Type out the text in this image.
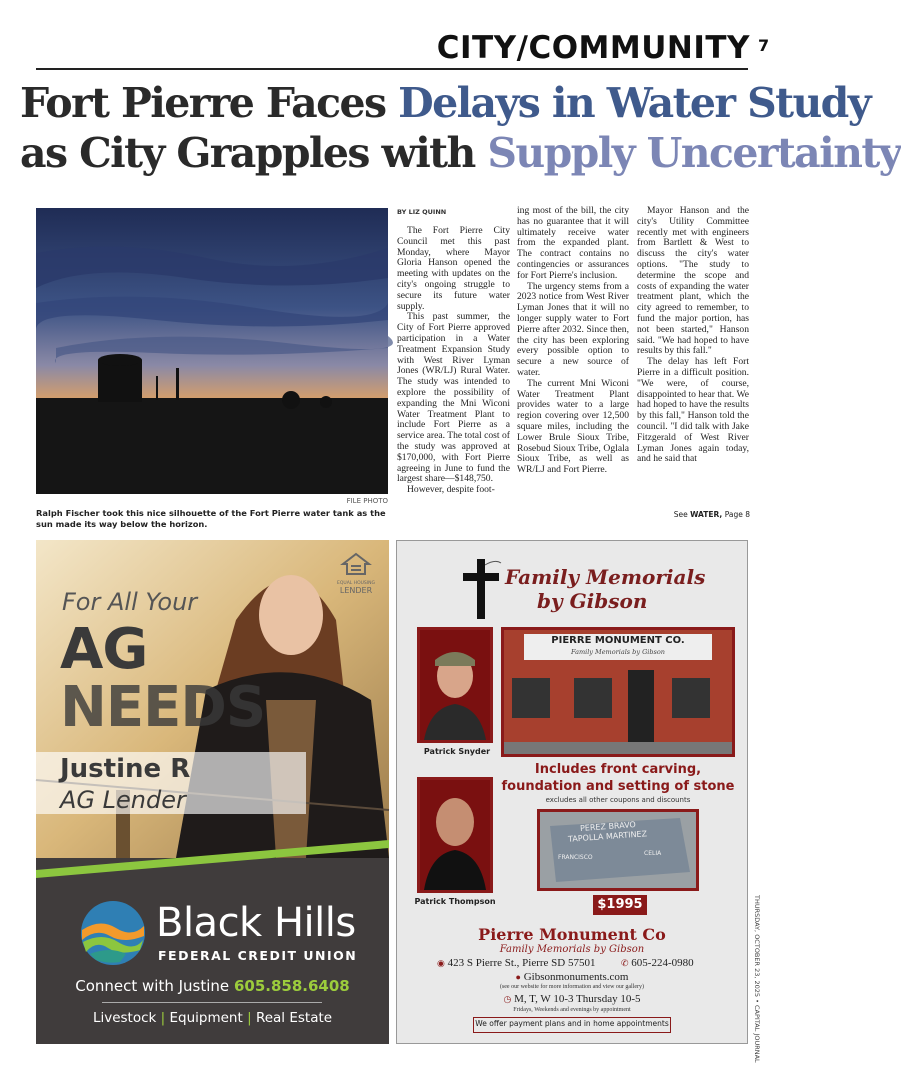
CITY/COMMUNITY 7
Fort Pierre Faces Delays in Water Study
as City Grapples with Supply Uncertainty
FILE PHOTO
Ralph Fischer took this nice silhouette of the Fort Pierre water tank as the sun made its way below the horizon.
BY LIZ QUINN

The Fort Pierre City Council met this past Monday, where Mayor Gloria Hanson opened the meeting with updates on the city's ongoing struggle to secure its future water supply.

This past summer, the City of Fort Pierre approved participation in a Water Treatment Expansion Study with West River Lyman Jones (WR/LJ) Rural Water. The study was intended to explore the possibility of expanding the Mni Wiconi Water Treatment Plant to include Fort Pierre as a service area. The total cost of the study was approved at $170,000, with Fort Pierre agreeing in June to fund the largest share—$148,750.

However, despite foot-

ing most of the bill, the city has no guarantee that it will ultimately receive water from the expanded plant. The contract contains no contingencies or assurances for Fort Pierre's inclusion.

The urgency stems from a 2023 notice from West River Lyman Jones that it will no longer supply water to Fort Pierre after 2032. Since then, the city has been exploring every possible option to secure a new source of water.

The current Mni Wiconi Water Treatment Plant provides water to a large region covering over 12,500 square miles, including the Lower Brule Sioux Tribe, Rosebud Sioux Tribe, Oglala Sioux Tribe, as well as WR/LJ and Fort Pierre.

Mayor Hanson and the city's Utility Committee recently met with engineers from Bartlett & West to discuss the city's water options. "The study to determine the scope and costs of expanding the water treatment plant, which the city agreed to remember, to fund the major portion, has not been started," Hanson said. "We had hoped to have results by this fall."

The delay has left Fort Pierre in a difficult position. "We were, of course, disappointed to hear that. We had hoped to have the results by this fall," Hanson told the council. "I did talk with Jake Fitzgerald of West River Lyman Jones again today, and he said that

See WATER, Page 8
EQUAL HOUSING
LENDER
For All Your
AG
NEEDS
Justine R
AG Lender
Black Hills
FEDERAL CREDIT UNION
Connect with Justine 605.858.6408
Livestock | Equipment | Real Estate
Family Memorials
by Gibson
Patrick Snyder
PIERRE MONUMENT CO.
Family Memorials by Gibson
Includes front carving, foundation and setting of stone
excludes all other coupons and discounts
Patrick Thompson
PEREZ BRAVO
TAPOLLA MARTINEZ
FRANCISCO
CELIA
$1995
Pierre Monument Co
Family Memorials by Gibson
◉ 423 S Pierre St., Pierre SD 57501	✆ 605-224-0980
● Gibsonmonuments.com
(see our website for more information and view our gallery)
◷ M, T, W 10-3 Thursday 10-5
Fridays, Weekends and evenings by appointment
We offer payment plans and in home appointments	THURSDAY, OCTOBER 23, 2025 • CAPITAL JOURNAL
